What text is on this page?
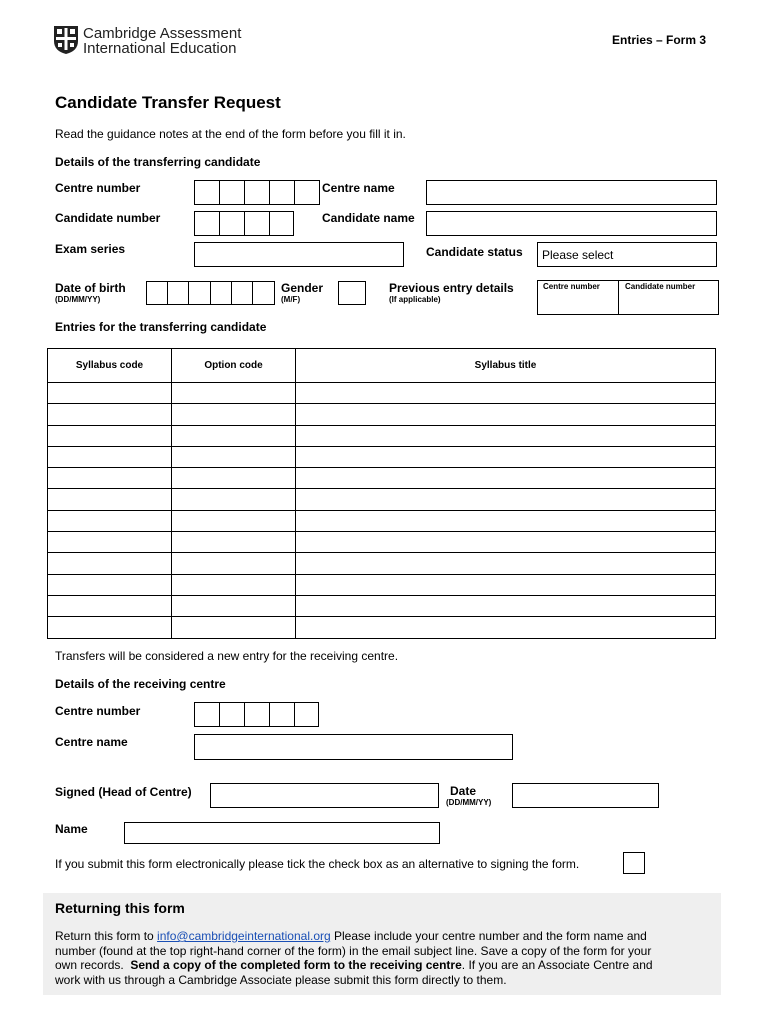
Cambridge Assessment
International Education	Entries – Form 3
Candidate Transfer Request
Read the guidance notes at the end of the form before you fill it in.
Details of the transferring candidate
Centre number	Centre name
Candidate number	Candidate name
Exam series	Candidate status Please select
Date of birth
(DD/MM/YY)
Gender
(M/F)
Previous entry details
(If applicable)
Centre number	Candidate number
Entries for the transferring candidate
Syllabus code	Option code	Syllabus title

Transfers will be considered a new entry for the receiving centre.
Details of the receiving centre
Centre number
Centre name
Signed (Head of Centre)	Date
(DD/MM/YY)
Name
If you submit this form electronically please tick the check box as an alternative to signing the form.
Returning this form
Return this form to info@cambridgeinternational.org Please include your centre number and the form name and
number (found at the top right-hand corner of the form) in the email subject line. Save a copy of the form for your
own records.  Send a copy of the completed form to the receiving centre. If you are an Associate Centre and
work with us through a Cambridge Associate please submit this form directly to them.
